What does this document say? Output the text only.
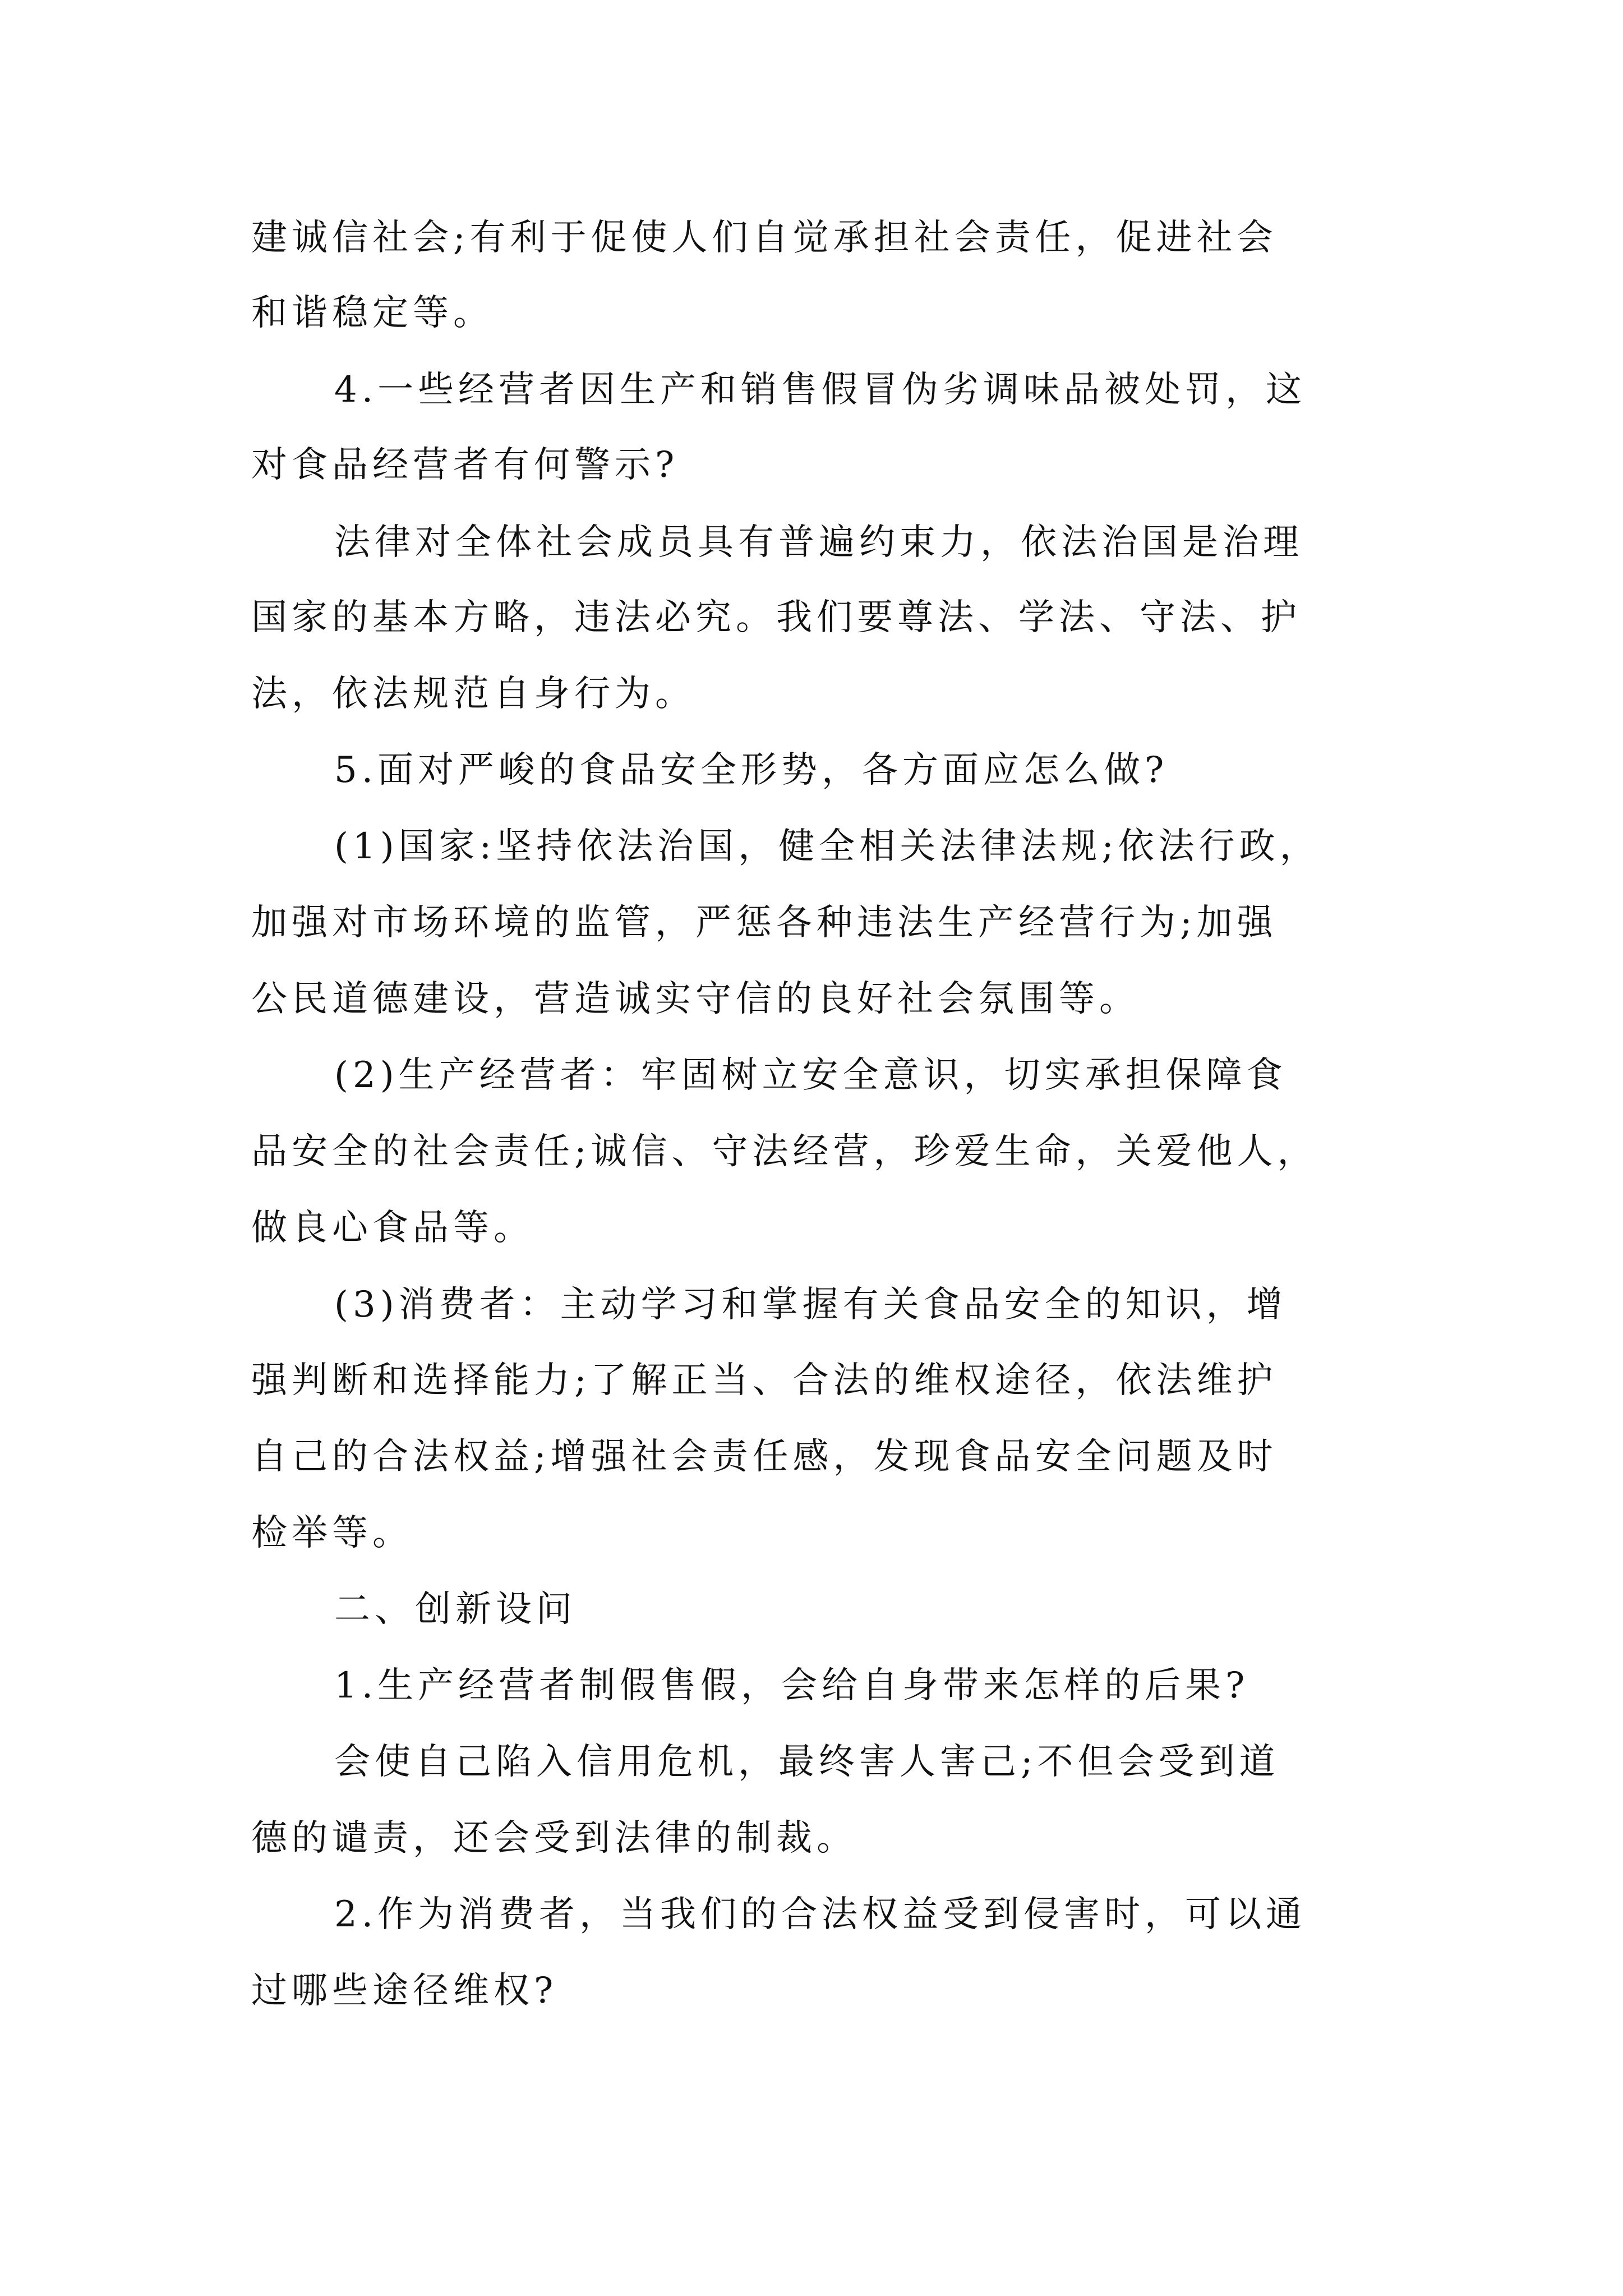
建诚信社会;有利于促使人们自觉承担社会责任，促进社会

和谐稳定等。

4.一些经营者因生产和销售假冒伪劣调味品被处罚，这

对食品经营者有何警示?

法律对全体社会成员具有普遍约束力，依法治国是治理

国家的基本方略，违法必究。我们要尊法、学法、守法、护

法，依法规范自身行为。

5.面对严峻的食品安全形势，各方面应怎么做?

(1)国家:坚持依法治国，健全相关法律法规;依法行政，

加强对市场环境的监管，严惩各种违法生产经营行为;加强

公民道德建设，营造诚实守信的良好社会氛围等。

(2)生产经营者：牢固树立安全意识，切实承担保障食

品安全的社会责任;诚信、守法经营，珍爱生命，关爱他人，

做良心食品等。

(3)消费者：主动学习和掌握有关食品安全的知识，增

强判断和选择能力;了解正当、合法的维权途径，依法维护

自己的合法权益;增强社会责任感，发现食品安全问题及时

检举等。

二、创新设问

1.生产经营者制假售假，会给自身带来怎样的后果?

会使自己陷入信用危机，最终害人害己;不但会受到道

德的谴责，还会受到法律的制裁。

2.作为消费者，当我们的合法权益受到侵害时，可以通

过哪些途径维权?
